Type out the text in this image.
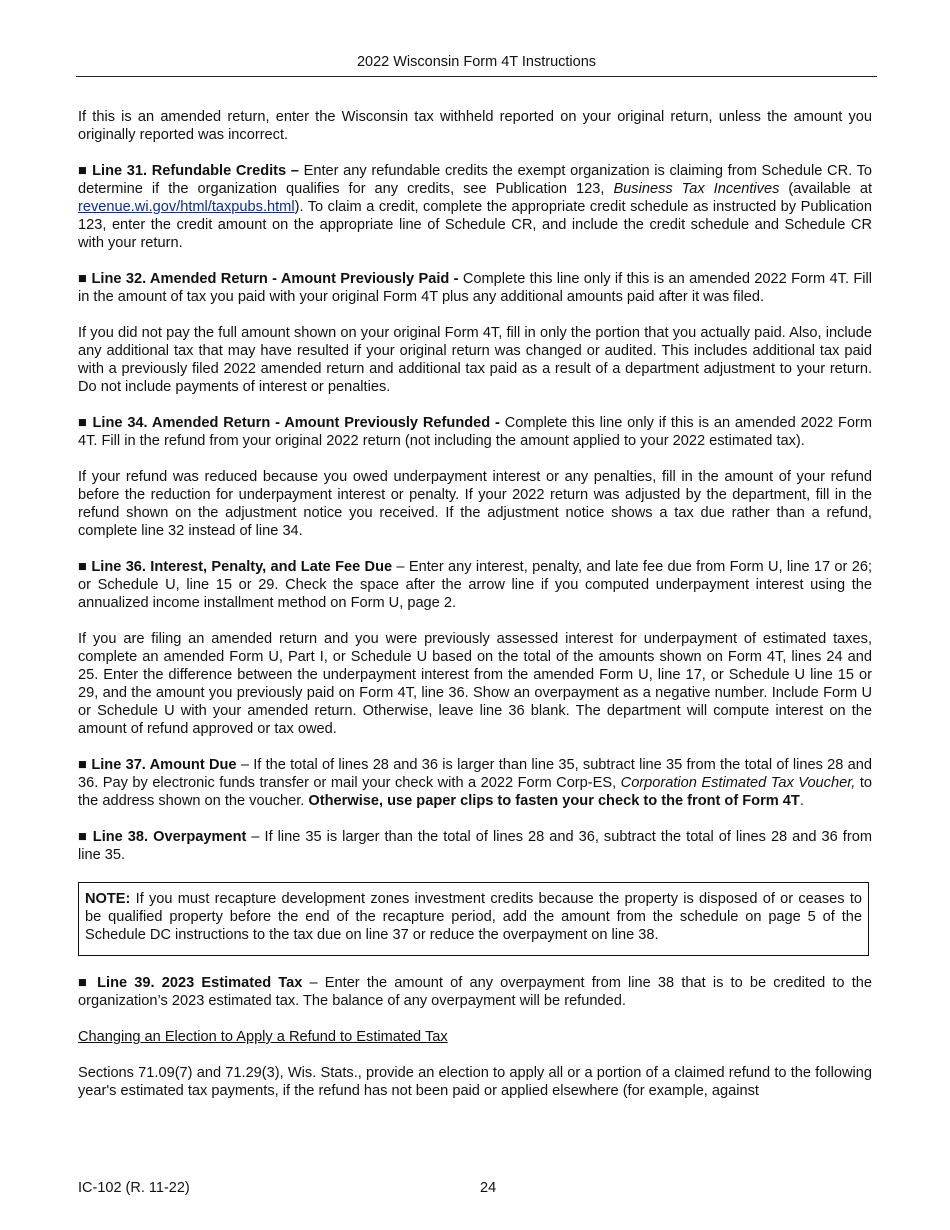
2022 Wisconsin Form 4T Instructions

If this is an amended return, enter the Wisconsin tax withheld reported on your original return, unless the amount you originally reported was incorrect.

■ Line 31. Refundable Credits – Enter any refundable credits the exempt organization is claiming from Schedule CR. To determine if the organization qualifies for any credits, see Publication 123, Business Tax Incentives (available at revenue.wi.gov/html/taxpubs.html). To claim a credit, complete the appropriate credit schedule as instructed by Publication 123, enter the credit amount on the appropriate line of Schedule CR, and include the credit schedule and Schedule CR with your return.

■ Line 32. Amended Return - Amount Previously Paid - Complete this line only if this is an amended 2022 Form 4T. Fill in the amount of tax you paid with your original Form 4T plus any additional amounts paid after it was filed.

If you did not pay the full amount shown on your original Form 4T, fill in only the portion that you actually paid. Also, include any additional tax that may have resulted if your original return was changed or audited. This includes additional tax paid with a previously filed 2022 amended return and additional tax paid as a result of a department adjustment to your return. Do not include payments of interest or penalties.

■ Line 34. Amended Return - Amount Previously Refunded - Complete this line only if this is an amended 2022 Form 4T. Fill in the refund from your original 2022 return (not including the amount applied to your 2022 estimated tax).

If your refund was reduced because you owed underpayment interest or any penalties, fill in the amount of your refund before the reduction for underpayment interest or penalty. If your 2022 return was adjusted by the department, fill in the refund shown on the adjustment notice you received. If the adjustment notice shows a tax due rather than a refund, complete line 32 instead of line 34.

■ Line 36. Interest, Penalty, and Late Fee Due – Enter any interest, penalty, and late fee due from Form U, line 17 or 26; or Schedule U, line 15 or 29. Check the space after the arrow line if you computed underpayment interest using the annualized income installment method on Form U, page 2.

If you are filing an amended return and you were previously assessed interest for underpayment of estimated taxes, complete an amended Form U, Part I, or Schedule U based on the total of the amounts shown on Form 4T, lines 24 and 25. Enter the difference between the underpayment interest from the amended Form U, line 17, or Schedule U line 15 or 29, and the amount you previously paid on Form 4T, line 36. Show an overpayment as a negative number. Include Form U or Schedule U with your amended return. Otherwise, leave line 36 blank. The department will compute interest on the amount of refund approved or tax owed.

■ Line 37. Amount Due – If the total of lines 28 and 36 is larger than line 35, subtract line 35 from the total of lines 28 and 36. Pay by electronic funds transfer or mail your check with a 2022 Form Corp-ES, Corporation Estimated Tax Voucher, to the address shown on the voucher. Otherwise, use paper clips to fasten your check to the front of Form 4T.

■ Line 38. Overpayment – If line 35 is larger than the total of lines 28 and 36, subtract the total of lines 28 and 36 from line 35.

NOTE: If you must recapture development zones investment credits because the property is disposed of or ceases to be qualified property before the end of the recapture period, add the amount from the schedule on page 5 of the Schedule DC instructions to the tax due on line 37 or reduce the overpayment on line 38.

■ Line 39. 2023 Estimated Tax – Enter the amount of any overpayment from line 38 that is to be credited to the organization’s 2023 estimated tax. The balance of any overpayment will be refunded.

Changing an Election to Apply a Refund to Estimated Tax

Sections 71.09(7) and 71.29(3), Wis. Stats., provide an election to apply all or a portion of a claimed refund to the following year's estimated tax payments, if the refund has not been paid or applied elsewhere (for example, against

IC-102 (R. 11-22)	24
